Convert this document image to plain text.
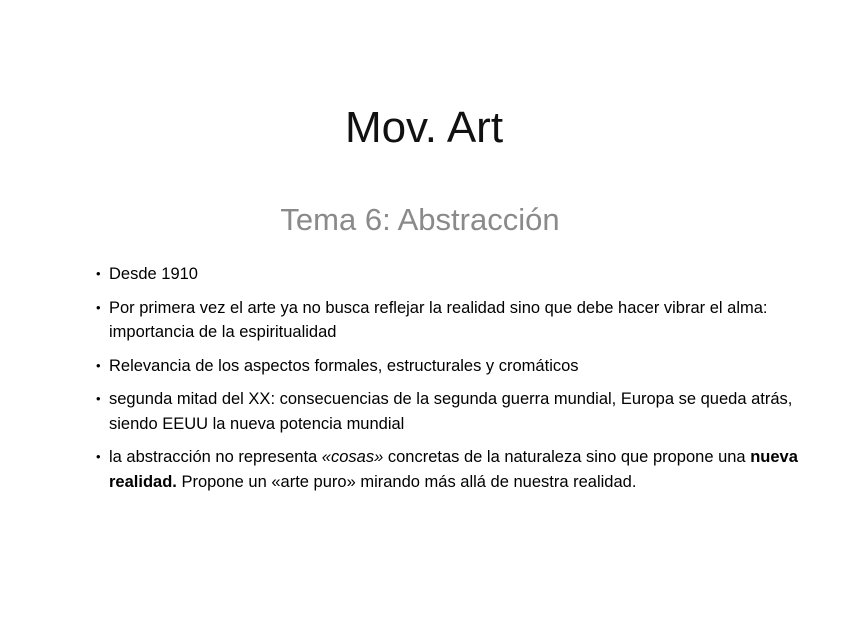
Mov. Art
Tema 6: Abstracción
• Desde 1910
• Por primera vez el arte ya no busca reflejar la realidad sino que debe hacer vibrar el alma: importancia de la espiritualidad
• Relevancia de los aspectos formales, estructurales y cromáticos
• segunda mitad del XX: consecuencias de la segunda guerra mundial, Europa se queda atrás, siendo EEUU la nueva potencia mundial
• la abstracción no representa «cosas» concretas de la naturaleza sino que propone una nueva realidad. Propone un «arte puro» mirando más allá de nuestra realidad.
